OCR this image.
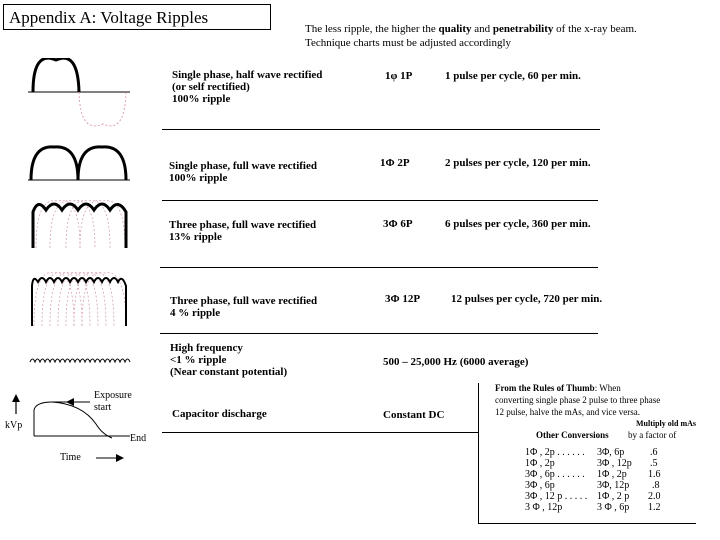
Appendix A: Voltage Ripples
The less ripple, the higher the quality and penetrability of the x-ray beam.
Technique charts must be adjusted accordingly
Single phase, half wave rectified
(or self rectified)
100% ripple
1φ 1P	1 pulse per cycle, 60 per min.
Single phase, full wave rectified
100% ripple
1Φ 2P	2 pulses per cycle, 120 per min.
Three phase, full wave rectified
13% ripple
3Φ 6P	6 pulses per cycle, 360 per min.
Three phase, full wave rectified
4 % ripple
3Φ 12P	12 pulses per cycle, 720 per min.
High frequency
<1 % ripple
(Near constant potential)
500 – 25,000 Hz (6000 average)
Exposure
start
kVp
End
Time
Capacitor discharge	Constant DC
From the Rules of Thumb: When
converting single phase 2 pulse to three phase
12 pulse, halve the mAs, and vice versa.
Multiply old mAs
by a factor of
Other Conversions
1Φ , 2p . . . . . . 3Φ, 6p	.6
1Φ , 2p	3Φ , 12p .5
3Φ , 6p . . . . . . 1Φ , 2p 1.6
3Φ , 6p	3Φ, 12p .8
3Φ , 12 p . . . . . 1Φ , 2 p 2.0
3 Φ , 12p	3 Φ , 6p 1.2
